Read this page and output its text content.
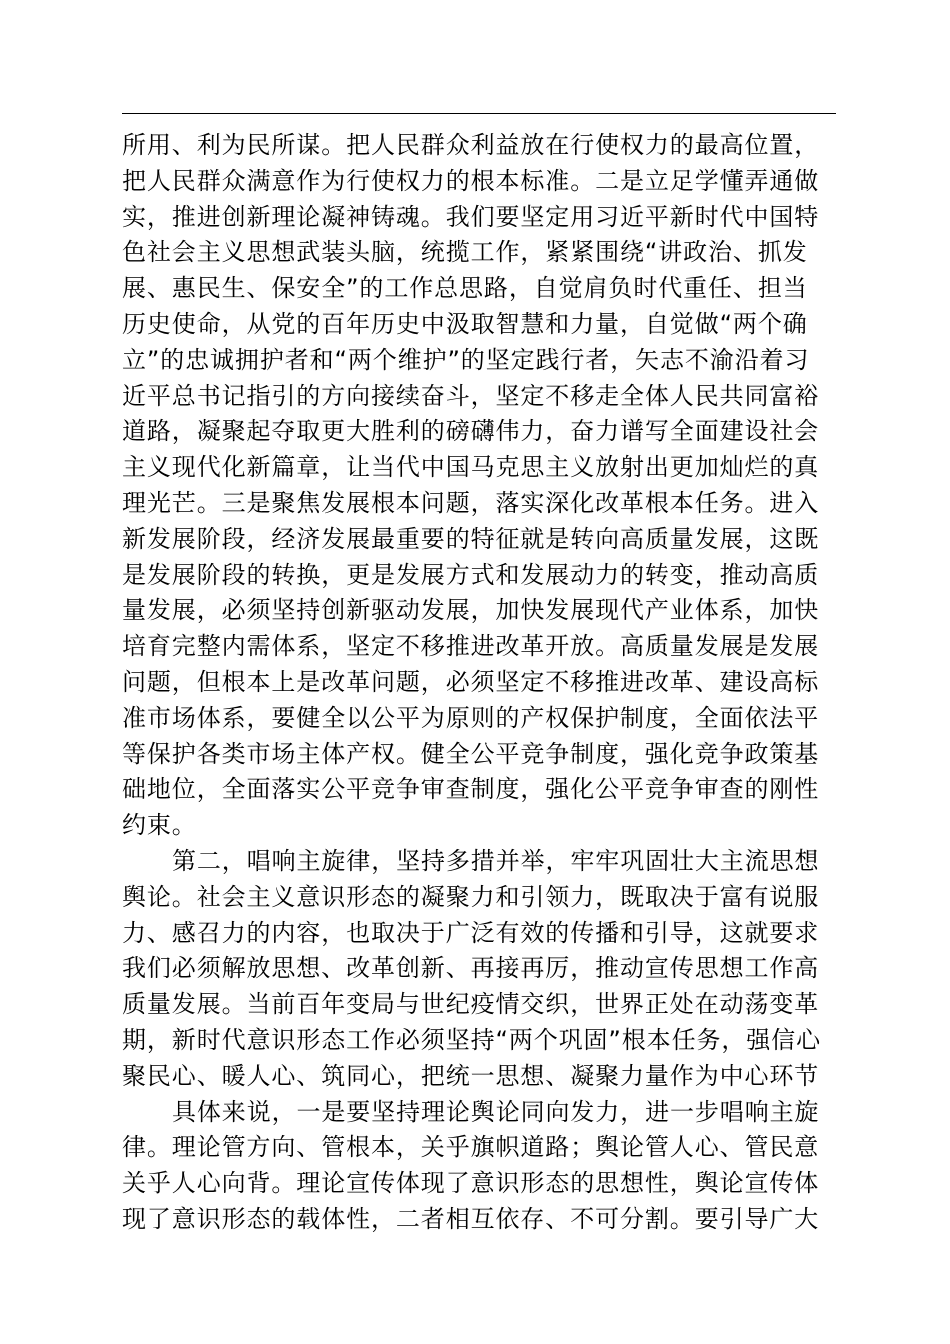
所用、利为民所谋。把人民群众利益放在行使权力的最高位置，
把人民群众满意作为行使权力的根本标准。二是立足学懂弄通做
实，推进创新理论凝神铸魂。我们要坚定用习近平新时代中国特
色社会主义思想武装头脑，统揽工作，紧紧围绕“讲政治、抓发
展、惠民生、保安全”的工作总思路，自觉肩负时代重任、担当
历史使命，从党的百年历史中汲取智慧和力量，自觉做“两个确
立”的忠诚拥护者和“两个维护”的坚定践行者，矢志不渝沿着习
近平总书记指引的方向接续奋斗，坚定不移走全体人民共同富裕
道路，凝聚起夺取更大胜利的磅礴伟力，奋力谱写全面建设社会
主义现代化新篇章，让当代中国马克思主义放射出更加灿烂的真
理光芒。三是聚焦发展根本问题，落实深化改革根本任务。进入
新发展阶段，经济发展最重要的特征就是转向高质量发展，这既
是发展阶段的转换，更是发展方式和发展动力的转变，推动高质
量发展，必须坚持创新驱动发展，加快发展现代产业体系，加快
培育完整内需体系，坚定不移推进改革开放。高质量发展是发展
问题，但根本上是改革问题，必须坚定不移推进改革、建设高标
准市场体系，要健全以公平为原则的产权保护制度，全面依法平
等保护各类市场主体产权。健全公平竞争制度，强化竞争政策基
础地位，全面落实公平竞争审查制度，强化公平竞争审查的刚性
约束。
第二，唱响主旋律，坚持多措并举，牢牢巩固壮大主流思想
舆论。社会主义意识形态的凝聚力和引领力，既取决于富有说服
力、感召力的内容，也取决于广泛有效的传播和引导，这就要求
我们必须解放思想、改革创新、再接再厉，推动宣传思想工作高
质量发展。当前百年变局与世纪疫情交织，世界正处在动荡变革
期，新时代意识形态工作必须坚持“两个巩固”根本任务，强信心
聚民心、暖人心、筑同心，把统一思想、凝聚力量作为中心环节
具体来说，一是要坚持理论舆论同向发力，进一步唱响主旋
律。理论管方向、管根本，关乎旗帜道路；舆论管人心、管民意
关乎人心向背。理论宣传体现了意识形态的思想性，舆论宣传体
现了意识形态的载体性，二者相互依存、不可分割。要引导广大
